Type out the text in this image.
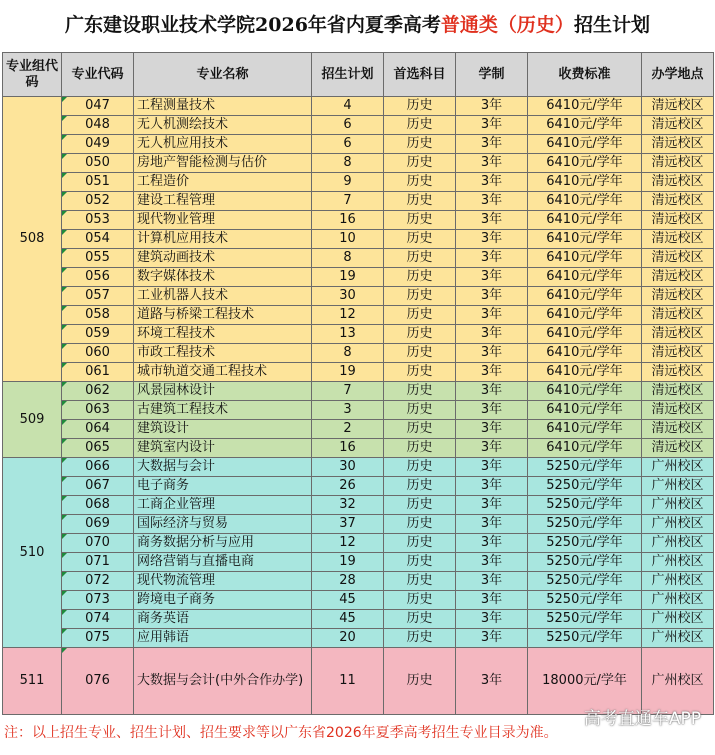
广东建设职业技术学院2026年省内夏季高考普通类（历史）招生计划
专业组代码	专业代码	专业名称	招生计划	首选科目	学制	收费标准	办学地点
508	047	工程测量技术	4	历史	3年	6410元/学年	清远校区

048	无人机测绘技术	6	历史	3年	6410元/学年	清远校区

049	无人机应用技术	6	历史	3年	6410元/学年	清远校区

050	房地产智能检测与估价	8	历史	3年	6410元/学年	清远校区

051	工程造价	9	历史	3年	6410元/学年	清远校区

052	建设工程管理	7	历史	3年	6410元/学年	清远校区

053	现代物业管理	16	历史	3年	6410元/学年	清远校区

054	计算机应用技术	10	历史	3年	6410元/学年	清远校区

055	建筑动画技术	8	历史	3年	6410元/学年	清远校区

056	数字媒体技术	19	历史	3年	6410元/学年	清远校区

057	工业机器人技术	30	历史	3年	6410元/学年	清远校区

058	道路与桥梁工程技术	12	历史	3年	6410元/学年	清远校区

059	环境工程技术	13	历史	3年	6410元/学年	清远校区

060	市政工程技术	8	历史	3年	6410元/学年	清远校区

061	城市轨道交通工程技术	19	历史	3年	6410元/学年	清远校区
509	062	风景园林设计	7	历史	3年	6410元/学年	清远校区

063	古建筑工程技术	3	历史	3年	6410元/学年	清远校区

064	建筑设计	2	历史	3年	6410元/学年	清远校区

065	建筑室内设计	16	历史	3年	6410元/学年	清远校区
510	066	大数据与会计	30	历史	3年	5250元/学年	广州校区

067	电子商务	26	历史	3年	5250元/学年	广州校区

068	工商企业管理	32	历史	3年	5250元/学年	广州校区

069	国际经济与贸易	37	历史	3年	5250元/学年	广州校区

070	商务数据分析与应用	12	历史	3年	5250元/学年	广州校区

071	网络营销与直播电商	19	历史	3年	5250元/学年	广州校区

072	现代物流管理	28	历史	3年	5250元/学年	广州校区

073	跨境电子商务	45	历史	3年	5250元/学年	广州校区

074	商务英语	45	历史	3年	5250元/学年	广州校区

075	应用韩语	20	历史	3年	5250元/学年	广州校区
511	076	大数据与会计(中外合作办学)	11	历史	3年	18000元/学年	广州校区
注：以上招生专业、招生计划、招生要求等以广东省2026年夏季高考招生专业目录为准。
高考直通车APP
